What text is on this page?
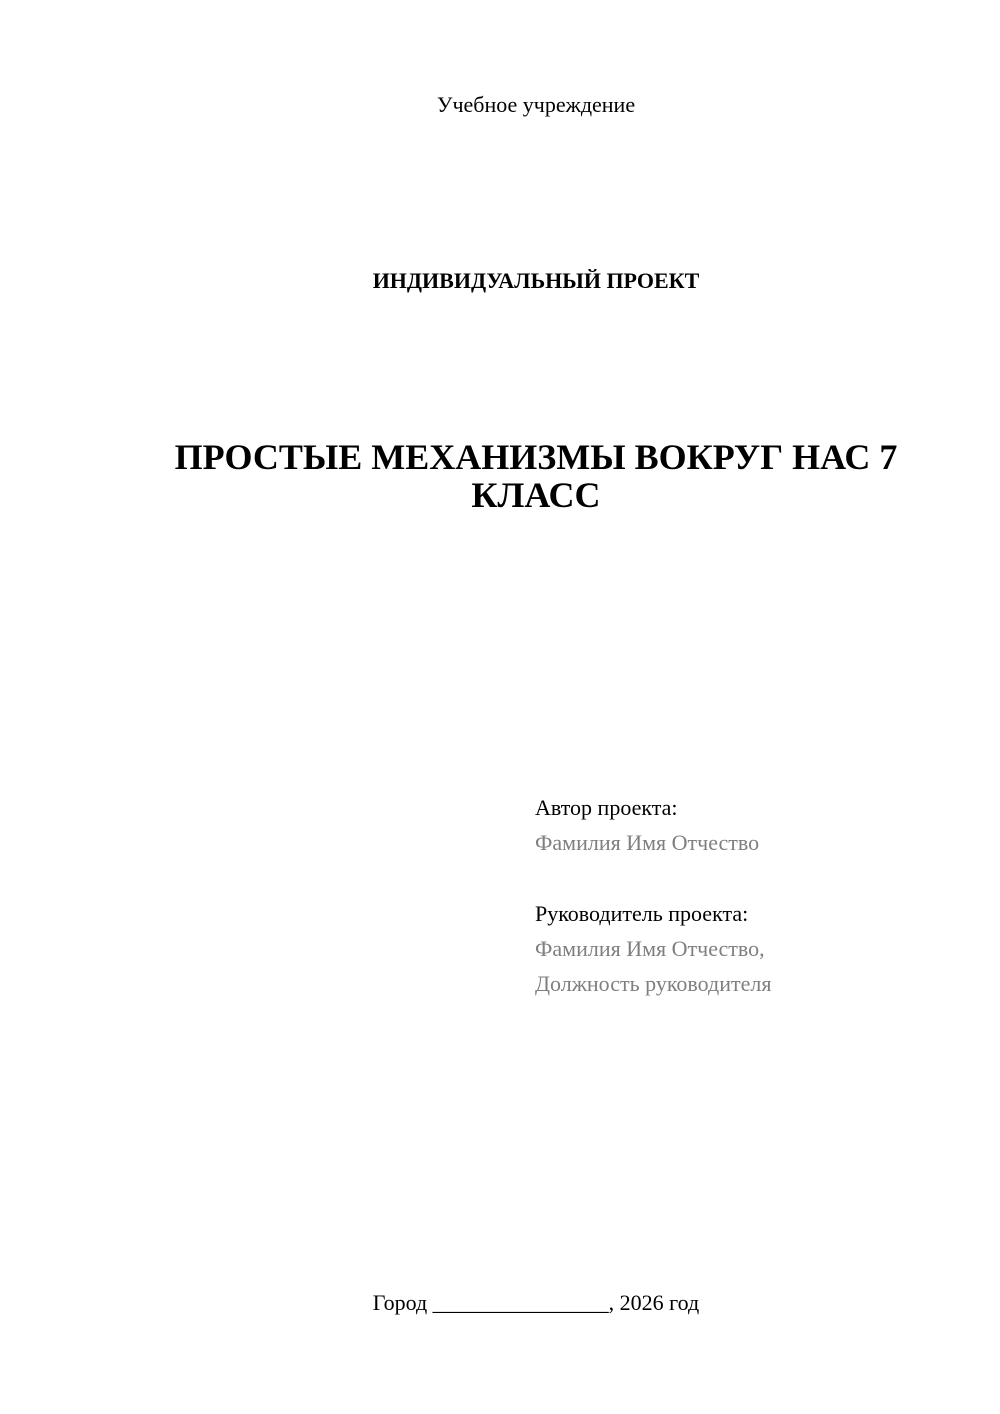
Учебное учреждение
ИНДИВИДУАЛЬНЫЙ ПРОЕКТ
ПРОСТЫЕ МЕХАНИЗМЫ ВОКРУГ НАС 7
КЛАСС
Автор проекта:
Фамилия Имя Отчество
Руководитель проекта:
Фамилия Имя Отчество,
Должность руководителя
Город ________________, 2026 год
